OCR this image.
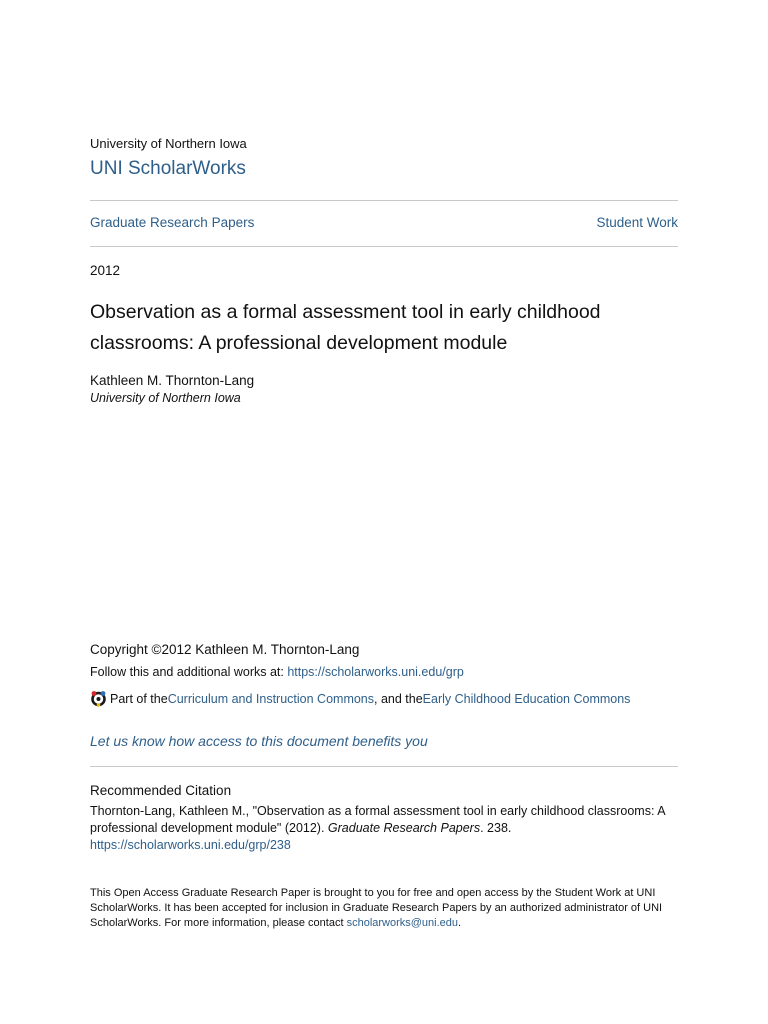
University of Northern Iowa
UNI ScholarWorks
Graduate Research Papers	Student Work
2012
Observation as a formal assessment tool in early childhood classrooms: A professional development module
Kathleen M. Thornton-Lang
University of Northern Iowa
Copyright ©2012 Kathleen M. Thornton-Lang
Follow this and additional works at: https://scholarworks.uni.edu/grp
Part of the Curriculum and Instruction Commons , and the Early Childhood Education Commons
Let us know how access to this document benefits you
Recommended Citation
Thornton-Lang, Kathleen M., "Observation as a formal assessment tool in early childhood classrooms: A professional development module" (2012). Graduate Research Papers. 238.
https://scholarworks.uni.edu/grp/238
This Open Access Graduate Research Paper is brought to you for free and open access by the Student Work at UNI ScholarWorks. It has been accepted for inclusion in Graduate Research Papers by an authorized administrator of UNI ScholarWorks. For more information, please contact scholarworks@uni.edu.
